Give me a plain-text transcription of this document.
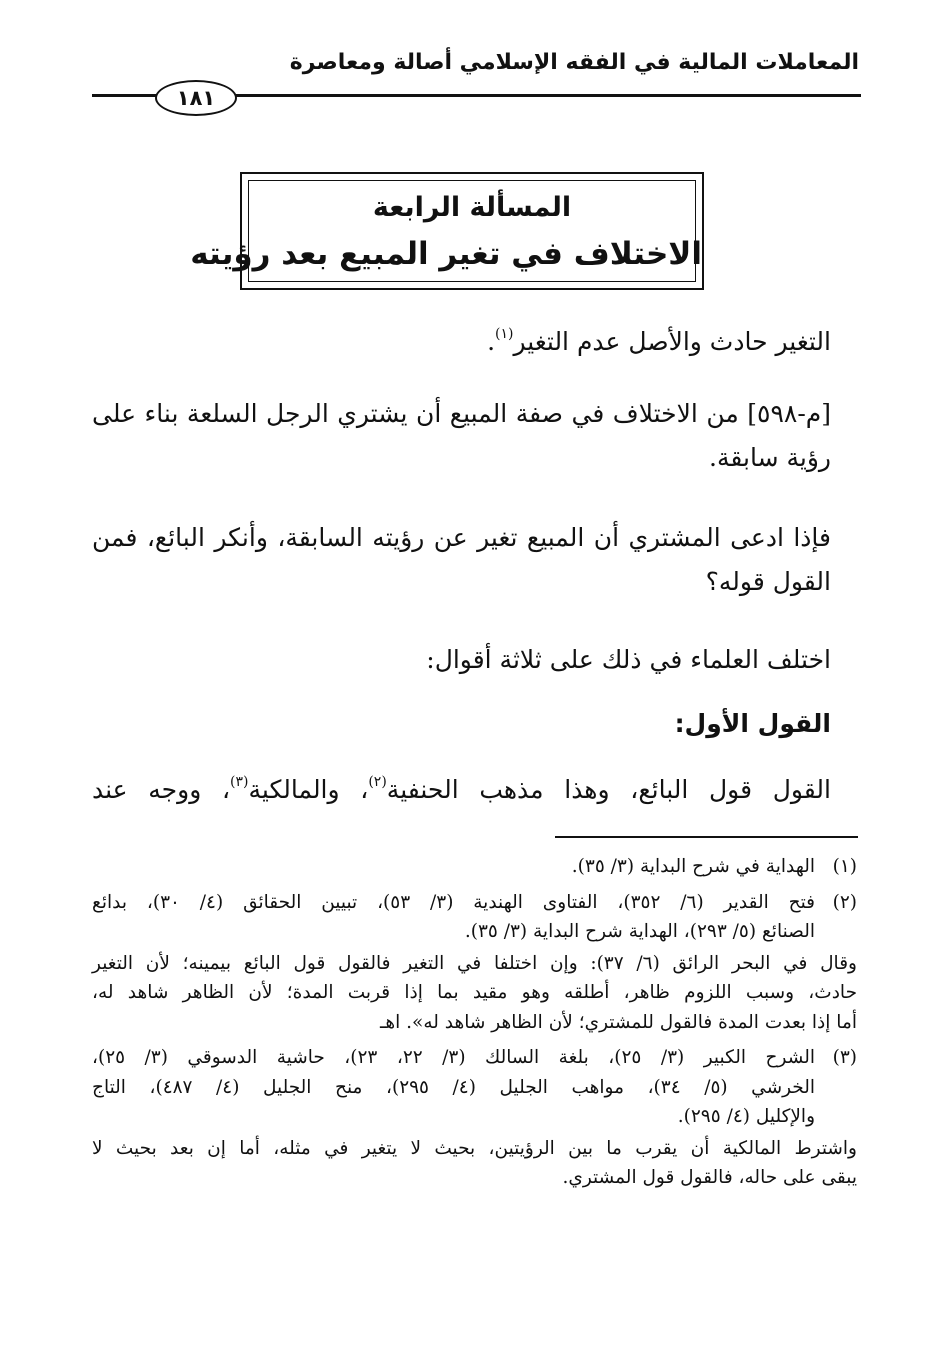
المعاملات المالية في الفقه الإسلامي أصالة ومعاصرة
١٨١
المسألة الرابعة
الاختلاف في تغير المبيع بعد رؤيته
التغير حادث والأصل عدم التغير$^{(١)}$.
[م-٥٩٨] من الاختلاف في صفة المبيع أن يشتري الرجل السلعة بناء على
رؤية سابقة.
فإذا ادعى المشتري أن المبيع تغير عن رؤيته السابقة، وأنكر البائع، فمن
القول قوله؟
اختلف العلماء في ذلك على ثلاثة أقوال:
القول الأول:
القول قول البائع، وهذا مذهب الحنفية$^{(٢)}$، والمالكية$^{(٣)}$، ووجه عند
(١)
الهداية في شرح البداية (٣/ ٣٥).
(٢)
فتح القدير (٦/ ٣٥٢)، الفتاوى الهندية (٣/ ٥٣)، تبيين الحقائق (٤/ ٣٠)، بدائع
الصنائع (٥/ ٢٩٣)، الهداية شرح البداية (٣/ ٣٥).
وقال في البحر الرائق (٦/ ٣٧): وإن اختلفا في التغير فالقول قول البائع بيمينه؛ لأن التغير
حادث، وسبب اللزوم ظاهر، أطلقه وهو مقيد بما إذا قربت المدة؛ لأن الظاهر شاهد له،
أما إذا بعدت المدة فالقول للمشتري؛ لأن الظاهر شاهد له». اهـ
(٣)
الشرح الكبير (٣/ ٢٥)، بلغة السالك (٣/ ٢٢، ٢٣)، حاشية الدسوقي (٣/ ٢٥)،
الخرشي (٥/ ٣٤)، مواهب الجليل (٤/ ٢٩٥)، منح الجليل (٤/ ٤٨٧)، التاج
والإكليل (٤/ ٢٩٥).
واشترط المالكية أن يقرب ما بين الرؤيتين، بحيث لا يتغير في مثله، أما إن بعد بحيث لا
يبقى على حاله، فالقول قول المشتري.
